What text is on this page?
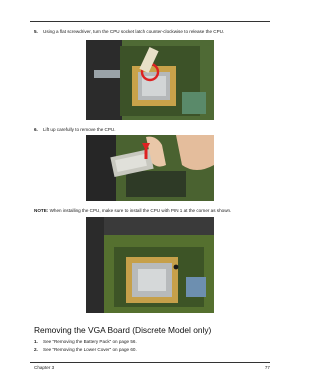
5. Using a flat screwdriver, turn the CPU socket latch counter-clockwise to release the CPU.
6. Lift up carefully to remove the CPU.
NOTE: When installing the CPU, make sure to install the CPU with PIN 1 at the corner as shown.
Removing the VGA Board (Discrete Model only)
1. See “Removing the Battery Pack” on page 56.
2. See “Removing the Lower Cover” on page 60.
Chapter 3	77
